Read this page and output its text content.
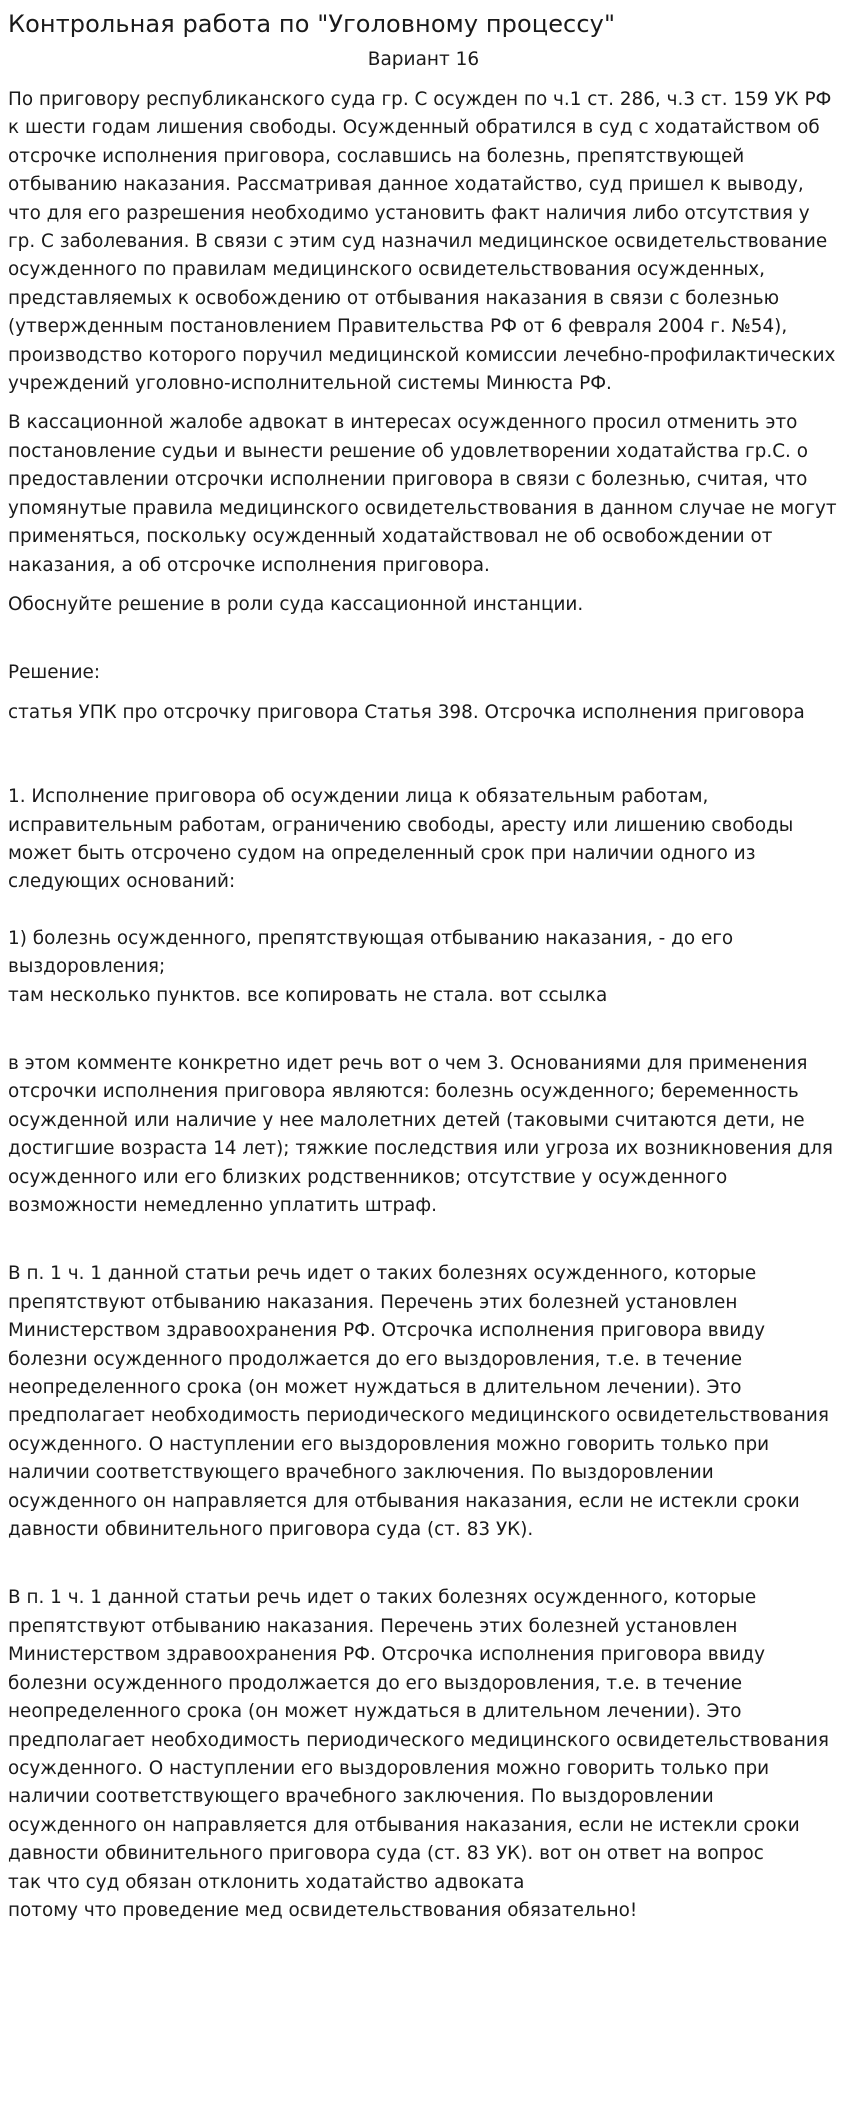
Контрольная работа по "Уголовному процессу"
Вариант 16

По приговору республиканского суда гр. С осужден по ч.1 ст. 286, ч.3 ст. 159 УК РФ к шести годам лишения свободы. Осужденный обратился в суд с ходатайством об отсрочке исполнения приговора, сославшись на болезнь, препятствующей отбыванию наказания. Рассматривая данное ходатайство, суд пришел к выводу, что для его разрешения необходимо установить факт наличия либо отсутствия у гр. С заболевания. В связи с этим суд назначил медицинское освидетельствование осужденного по правилам медицинского освидетельствования осужденных, представляемых к освобождению от отбывания наказания в связи с болезнью (утвержденным постановлением Правительства РФ от 6 февраля 2004 г. №54), производство которого поручил медицинской комиссии лечебно-профилактических учреждений уголовно-исполнительной системы Минюста РФ.

В кассационной жалобе адвокат в интересах осужденного просил отменить это постановление судьи и вынести решение об удовлетворении ходатайства гр.С. о предоставлении отсрочки исполнении приговора в связи с болезнью, считая, что упомянутые правила медицинского освидетельствования в данном случае не могут применяться, поскольку осужденный ходатайствовал не об освобождении от наказания, а об отсрочке исполнения приговора.

Обоснуйте решение в роли суда кассационной инстанции.

Решение:

статья УПК про отсрочку приговора Статья 398. Отсрочка исполнения приговора

1. Исполнение приговора об осуждении лица к обязательным работам, исправительным работам, ограничению свободы, аресту или лишению свободы может быть отсрочено судом на определенный срок при наличии одного из следующих оснований:

1) болезнь осужденного, препятствующая отбыванию наказания, - до его выздоровления;

там несколько пунктов. все копировать не стала. вот ссылка

в этом комменте конкретно идет речь вот о чем 3. Основаниями для применения отсрочки исполнения приговора являются: болезнь осужденного; беременность осужденной или наличие у нее малолетних детей (таковыми считаются дети, не достигшие возраста 14 лет); тяжкие последствия или угроза их возникновения для осужденного или его близких родственников; отсутствие у осужденного возможности немедленно уплатить штраф.

В п. 1 ч. 1 данной статьи речь идет о таких болезнях осужденного, которые препятствуют отбыванию наказания. Перечень этих болезней установлен Министерством здравоохранения РФ. Отсрочка исполнения приговора ввиду болезни осужденного продолжается до его выздоровления, т.е. в течение неопределенного срока (он может нуждаться в длительном лечении). Это предполагает необходимость периодического медицинского освидетельствования осужденного. О наступлении его выздоровления можно говорить только при наличии соответствующего врачебного заключения. По выздоровлении осужденного он направляется для отбывания наказания, если не истекли сроки давности обвинительного приговора суда (ст. 83 УК).

В п. 1 ч. 1 данной статьи речь идет о таких болезнях осужденного, которые препятствуют отбыванию наказания. Перечень этих болезней установлен Министерством здравоохранения РФ. Отсрочка исполнения приговора ввиду болезни осужденного продолжается до его выздоровления, т.е. в течение неопределенного срока (он может нуждаться в длительном лечении). Это предполагает необходимость периодического медицинского освидетельствования осужденного. О наступлении его выздоровления можно говорить только при наличии соответствующего врачебного заключения. По выздоровлении осужденного он направляется для отбывания наказания, если не истекли сроки давности обвинительного приговора суда (ст. 83 УК). вот он ответ на вопрос

так что суд обязан отклонить ходатайство адвоката

потому что проведение мед освидетельствования обязательно!
